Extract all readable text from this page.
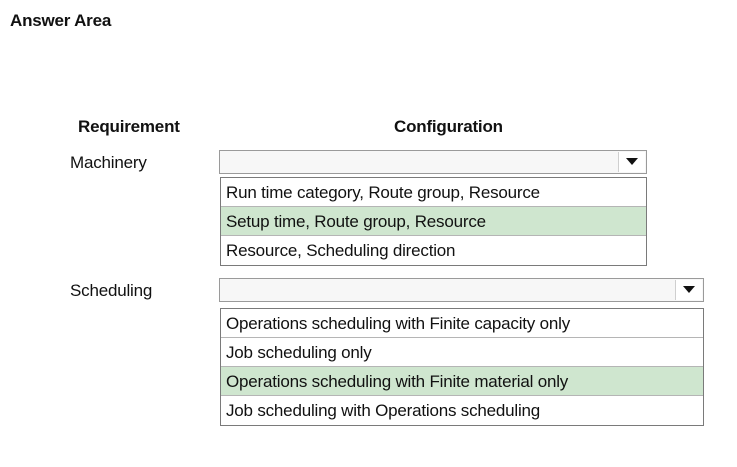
Answer Area
Requirement	Configuration
Machinery
Run time category, Route group, Resource
Setup time, Route group, Resource
Resource, Scheduling direction
Scheduling
Operations scheduling with Finite capacity only
Job scheduling only
Operations scheduling with Finite material only
Job scheduling with Operations scheduling
